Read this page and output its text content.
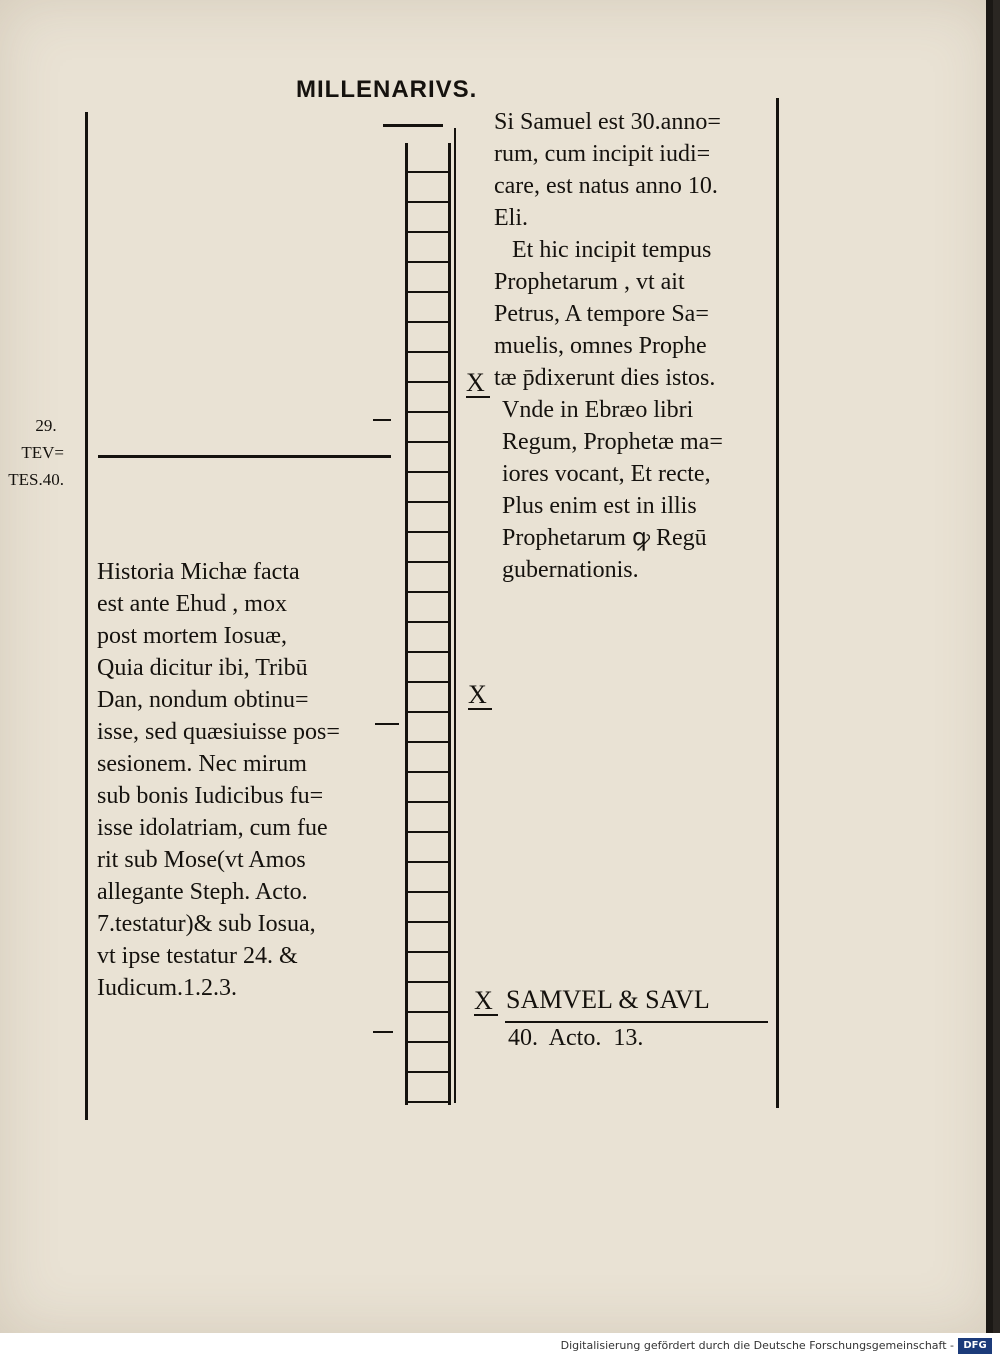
MILLENARIVS.
29.
TEV=
TES.40.

Si Samuel est 30.anno=

rum, cum incipit iudi=

care, est natus anno 10.

Eli.

Et hic incipit tempus

Prophetarum , vt ait

Petrus, A tempore Sa=

muelis, omnes Prophe

tæ p̄dixerunt dies istos.

Vnde in Ebræo libri

Regum, Prophetæ ma=

iores vocant, Et recte,

Plus enim est in illis

Prophetarum ꝙ Regū

gubernationis.

Historia Michæ facta

est ante Ehud , mox

post mortem Iosuæ,

Quia dicitur ibi, Tribū

Dan, nondum obtinu=

isse, sed quæsiuisse pos=

sesionem. Nec mirum

sub bonis Iudicibus fu=

isse idolatriam, cum fue

rit sub Mose(vt Amos

allegante Steph. Acto.

7.testatur)& sub Iosua,

vt ipse testatur 24. &

Iudicum.1.2.3.

X
X
X SAMVEL & SAVL
40.  Acto.  13.
Digitalisierung gefördert durch die Deutsche Forschungsgemeinschaft - DFG
